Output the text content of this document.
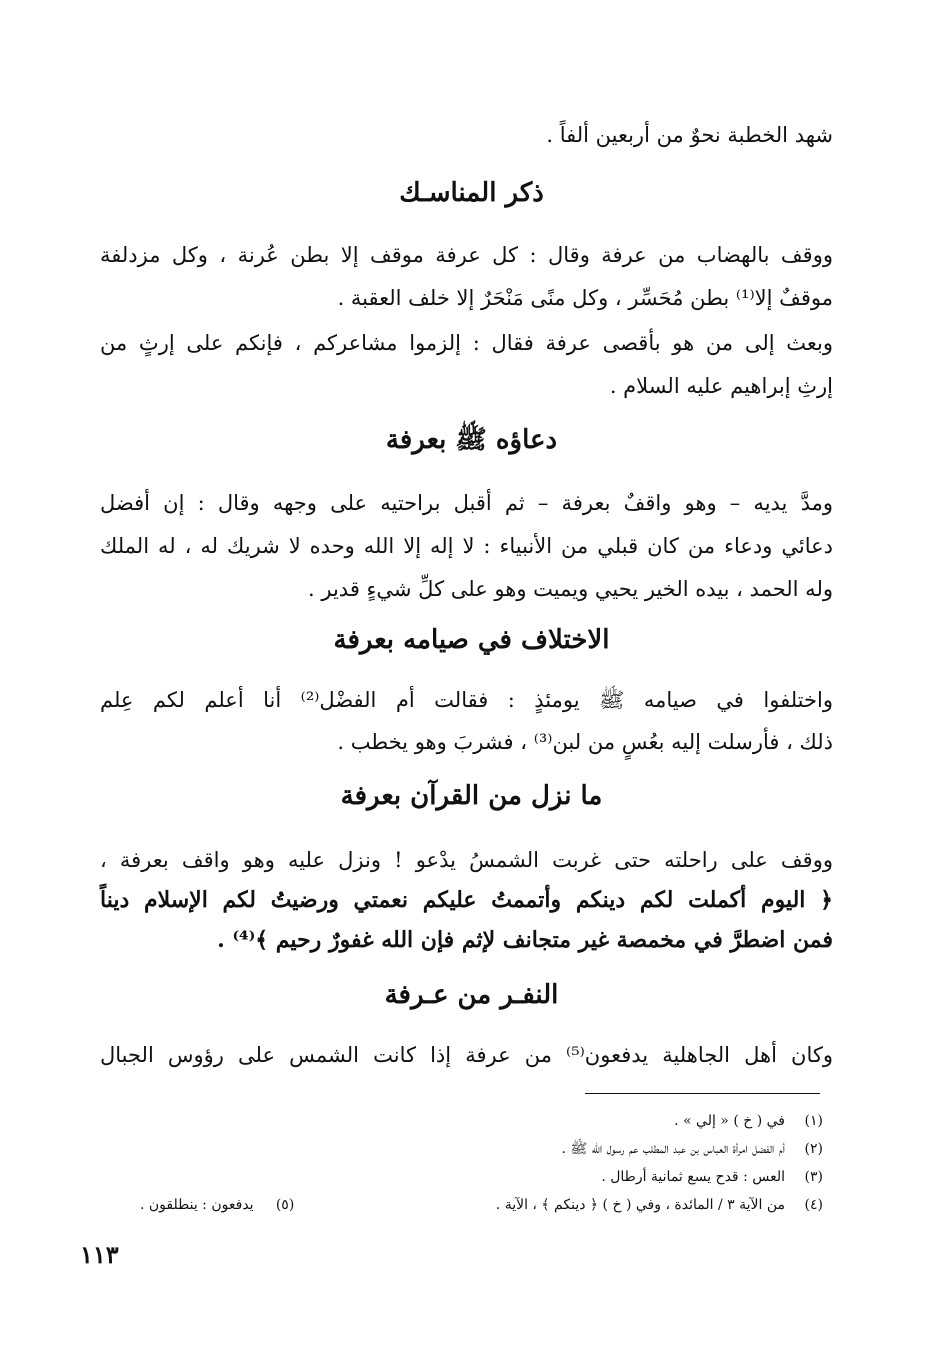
شهد الخطبة نحوٌ من أربعين ألفاً .
ذكر المناسـك
ووقف بالهضاب من عرفة وقال : كل عرفة موقف إلا بطن عُرنة ، وكل مزدلفة
موقفٌ إلا⁽¹⁾ بطن مُحَسِّر ، وكل منًى مَنْحَرٌ إلا خلف العقبة .
وبعث إلى من هو بأقصى عرفة فقال : إلزموا مشاعركم ، فإنكم على إرثٍ من
إرثِ إبراهيم عليه السلام .
دعاؤه ﷺ بعرفة
ومدَّ يديه – وهو واقفٌ بعرفة – ثم أقبل براحتيه على وجهه وقال : إن أفضل
دعائي ودعاء من كان قبلي من الأنبياء : لا إله إلا الله وحده لا شريك له ، له الملك
وله الحمد ، بيده الخير يحيي ويميت وهو على كلِّ شيءٍ قدير .
الاختلاف في صيامه بعرفة
واختلفوا في صيامه ﷺ يومئذٍ : فقالت أم الفضْل⁽²⁾ أنا أعلم لكم عِلم
ذلك ، فأرسلت إليه بعُسٍ من لبن⁽³⁾ ، فشربَ وهو يخطب .
ما نزل من القرآن بعرفة
ووقف على راحلته حتى غربت الشمسُ يدْعو ! ونزل عليه وهو واقف بعرفة ،
﴿ اليوم أكملت لكم دينكم وأتممتُ عليكم نعمتي ورضيتُ لكم الإسلام ديناً
فمن اضطرَّ في مخمصة غير متجانف لإثم فإن الله غفورٌ رحيم ﴾⁽⁴⁾ .
النفـر من عـرفة
وكان أهل الجاهلية يدفعون⁽⁵⁾ من عرفة إذا كانت الشمس على رؤوس الجبال
(١)في ( خ ) « إلي » .
(٢)أم الفضل امرأة العباس بن عبد المطلب عم رسول الله ﷺ .
(٣)العس : قدح يسع ثمانية أرطال .
(٤)من الآية ٣ / المائدة ، وفي ( خ ) ﴿ دينكم ﴾ ، الآية .
(٥)     يدفعون : ينطلقون .
١١٣
